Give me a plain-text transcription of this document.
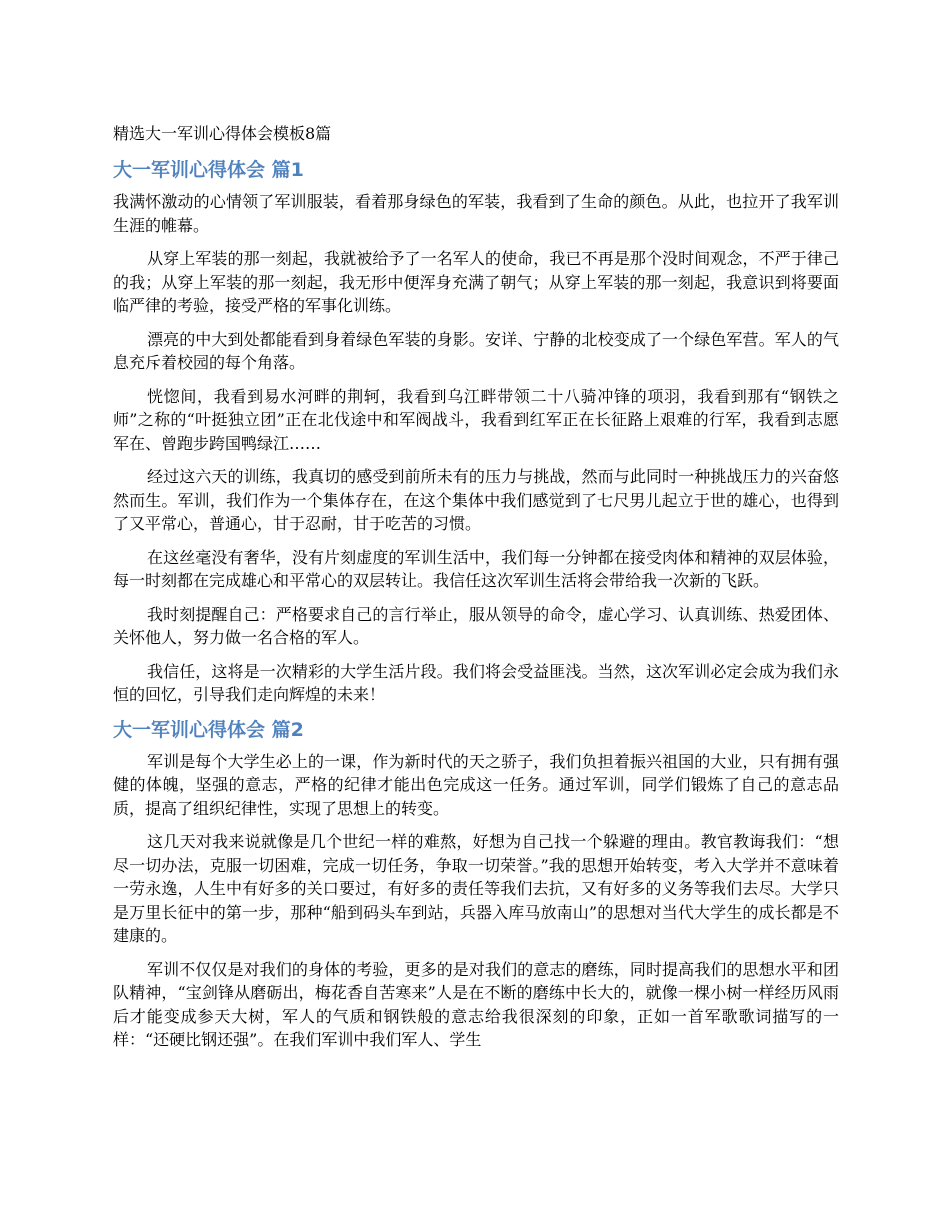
精选大一军训心得体会模板8篇
大一军训心得体会 篇1

我满怀激动的心情领了军训服装，看着那身绿色的军装，我看到了生命的颜色。从此，也拉开了我军训生涯的帷幕。

从穿上军装的那一刻起，我就被给予了一名军人的使命，我已不再是那个没时间观念，不严于律己的我；从穿上军装的那一刻起，我无形中便浑身充满了朝气；从穿上军装的那一刻起，我意识到将要面临严律的考验，接受严格的军事化训练。

漂亮的中大到处都能看到身着绿色军装的身影。安详、宁静的北校变成了一个绿色军营。军人的气息充斥着校园的每个角落。

恍惚间，我看到易水河畔的荆轲，我看到乌江畔带领二十八骑冲锋的项羽，我看到那有“钢铁之师”之称的“叶挺独立团”正在北伐途中和军阀战斗，我看到红军正在长征路上艰难的行军，我看到志愿军在、曾跑步跨国鸭绿江……

经过这六天的训练，我真切的感受到前所未有的压力与挑战，然而与此同时一种挑战压力的兴奋悠然而生。军训，我们作为一个集体存在，在这个集体中我们感觉到了七尺男儿起立于世的雄心，也得到了又平常心，普通心，甘于忍耐，甘于吃苦的习惯。

在这丝毫没有奢华，没有片刻虚度的军训生活中，我们每一分钟都在接受肉体和精神的双层体验，每一时刻都在完成雄心和平常心的双层转让。我信任这次军训生活将会带给我一次新的飞跃。

我时刻提醒自己：严格要求自己的言行举止，服从领导的命令，虚心学习、认真训练、热爱团体、关怀他人，努力做一名合格的军人。

我信任，这将是一次精彩的大学生活片段。我们将会受益匪浅。当然，这次军训必定会成为我们永恒的回忆，引导我们走向辉煌的未来！

大一军训心得体会 篇2

军训是每个大学生必上的一课，作为新时代的天之骄子，我们负担着振兴祖国的大业，只有拥有强健的体魄，坚强的意志，严格的纪律才能出色完成这一任务。通过军训，同学们锻炼了自己的意志品质，提高了组织纪律性，实现了思想上的转变。

这几天对我来说就像是几个世纪一样的难熬，好想为自己找一个躲避的理由。教官教诲我们：“想尽一切办法，克服一切困难，完成一切任务，争取一切荣誉。”我的思想开始转变，考入大学并不意味着一劳永逸，人生中有好多的关口要过，有好多的责任等我们去抗，又有好多的义务等我们去尽。大学只是万里长征中的第一步，那种“船到码头车到站，兵器入库马放南山”的思想对当代大学生的成长都是不建康的。

军训不仅仅是对我们的身体的考验，更多的是对我们的意志的磨练，同时提高我们的思想水平和团队精神，“宝剑锋从磨砺出，梅花香自苦寒来”人是在不断的磨练中长大的，就像一棵小树一样经历风雨后才能变成参天大树，军人的气质和钢铁般的意志给我很深刻的印象，正如一首军歌歌词描写的一样：“还硬比钢还强”。在我们军训中我们军人、学生
